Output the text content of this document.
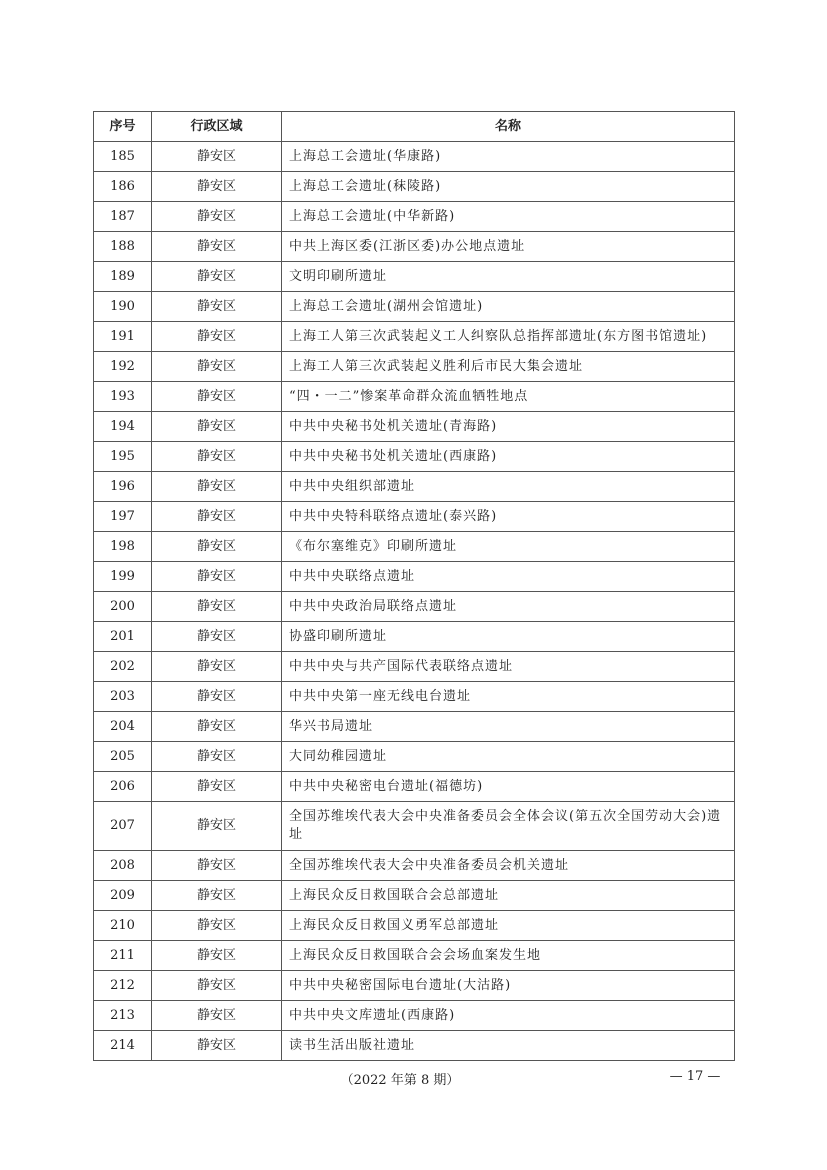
序号	行政区域	名称
185	静安区	上海总工会遗址(华康路)
186	静安区	上海总工会遗址(秣陵路)
187	静安区	上海总工会遗址(中华新路)
188	静安区	中共上海区委(江浙区委)办公地点遗址
189	静安区	文明印刷所遗址
190	静安区	上海总工会遗址(湖州会馆遗址)
191	静安区	上海工人第三次武装起义工人纠察队总指挥部遗址(东方图书馆遗址)
192	静安区	上海工人第三次武装起义胜利后市民大集会遗址
193	静安区	“四・一二”惨案革命群众流血牺牲地点
194	静安区	中共中央秘书处机关遗址(青海路)
195	静安区	中共中央秘书处机关遗址(西康路)
196	静安区	中共中央组织部遗址
197	静安区	中共中央特科联络点遗址(泰兴路)
198	静安区	《布尔塞维克》印刷所遗址
199	静安区	中共中央联络点遗址
200	静安区	中共中央政治局联络点遗址
201	静安区	协盛印刷所遗址
202	静安区	中共中央与共产国际代表联络点遗址
203	静安区	中共中央第一座无线电台遗址
204	静安区	华兴书局遗址
205	静安区	大同幼稚园遗址
206	静安区	中共中央秘密电台遗址(福德坊)
207	静安区	全国苏维埃代表大会中央准备委员会全体会议(第五次全国劳动大会)遗址
208	静安区	全国苏维埃代表大会中央准备委员会机关遗址
209	静安区	上海民众反日救国联合会总部遗址
210	静安区	上海民众反日救国义勇军总部遗址
211	静安区	上海民众反日救国联合会会场血案发生地
212	静安区	中共中央秘密国际电台遗址(大沽路)
213	静安区	中共中央文库遗址(西康路)
214	静安区	读书生活出版社遗址
（2022 年第 8 期）	— 17 —
